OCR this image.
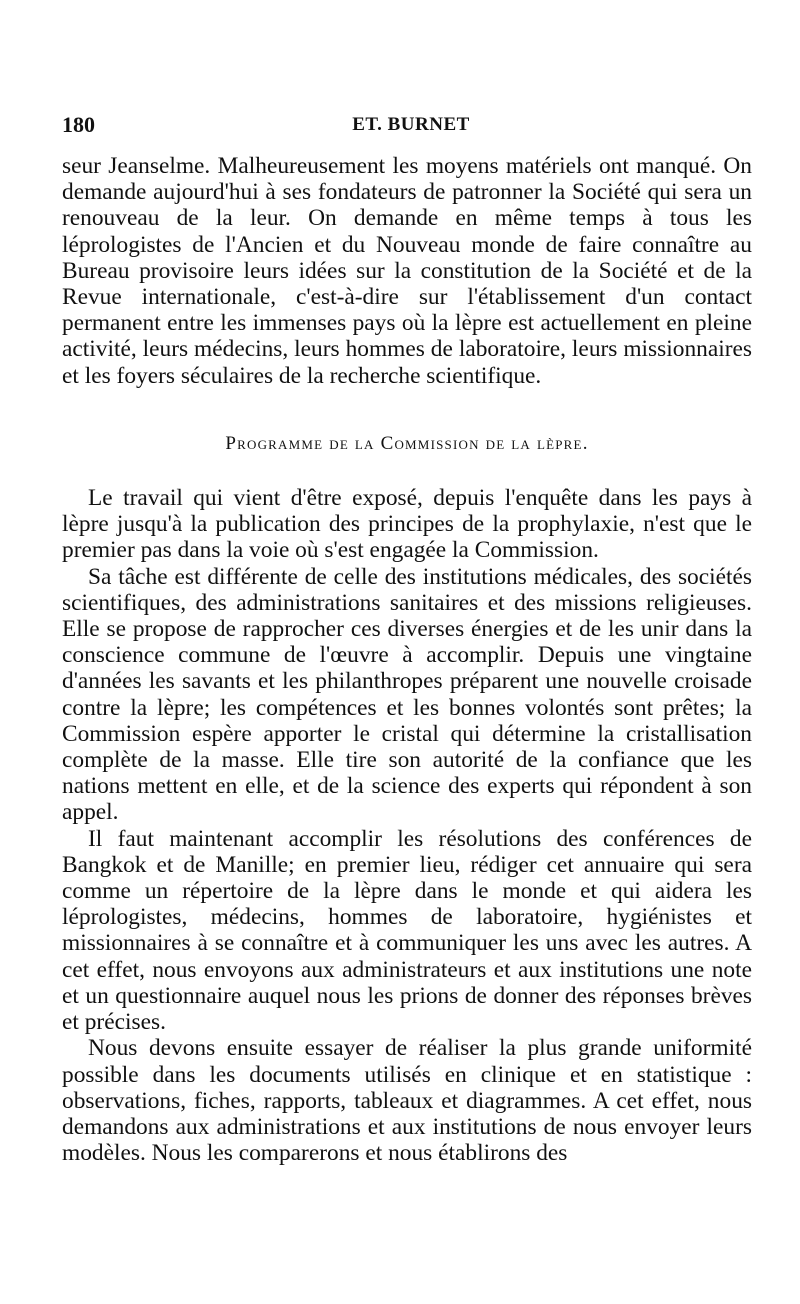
180	ET. BURNET

seur Jeanselme. Malheureusement les moyens matériels ont manqué. On demande aujourd'hui à ses fondateurs de patronner la Société qui sera un renouveau de la leur. On demande en même temps à tous les léprologistes de l'Ancien et du Nouveau monde de faire connaître au Bureau provisoire leurs idées sur la constitution de la Société et de la Revue internationale, c'est-à-dire sur l'établissement d'un contact permanent entre les immenses pays où la lèpre est actuellement en pleine activité, leurs médecins, leurs hommes de laboratoire, leurs missionnaires et les foyers séculaires de la recherche scientifique.

Programme de la Commission de la lèpre.

Le travail qui vient d'être exposé, depuis l'enquête dans les pays à lèpre jusqu'à la publication des principes de la prophylaxie, n'est que le premier pas dans la voie où s'est engagée la Commission.

Sa tâche est différente de celle des institutions médicales, des sociétés scientifiques, des administrations sanitaires et des missions religieuses. Elle se propose de rapprocher ces diverses énergies et de les unir dans la conscience commune de l'œuvre à accomplir. Depuis une vingtaine d'années les savants et les philanthropes préparent une nouvelle croisade contre la lèpre; les compétences et les bonnes volontés sont prêtes; la Commission espère apporter le cristal qui détermine la cristallisation complète de la masse. Elle tire son autorité de la confiance que les nations mettent en elle, et de la science des experts qui répondent à son appel.

Il faut maintenant accomplir les résolutions des conférences de Bangkok et de Manille; en premier lieu, rédiger cet annuaire qui sera comme un répertoire de la lèpre dans le monde et qui aidera les léprologistes, médecins, hommes de laboratoire, hygiénistes et missionnaires à se connaître et à communiquer les uns avec les autres. A cet effet, nous envoyons aux administrateurs et aux institutions une note et un questionnaire auquel nous les prions de donner des réponses brèves et précises.

Nous devons ensuite essayer de réaliser la plus grande uniformité possible dans les documents utilisés en clinique et en statistique : observations, fiches, rapports, tableaux et diagrammes. A cet effet, nous demandons aux administrations et aux institutions de nous envoyer leurs modèles. Nous les comparerons et nous établirons des
